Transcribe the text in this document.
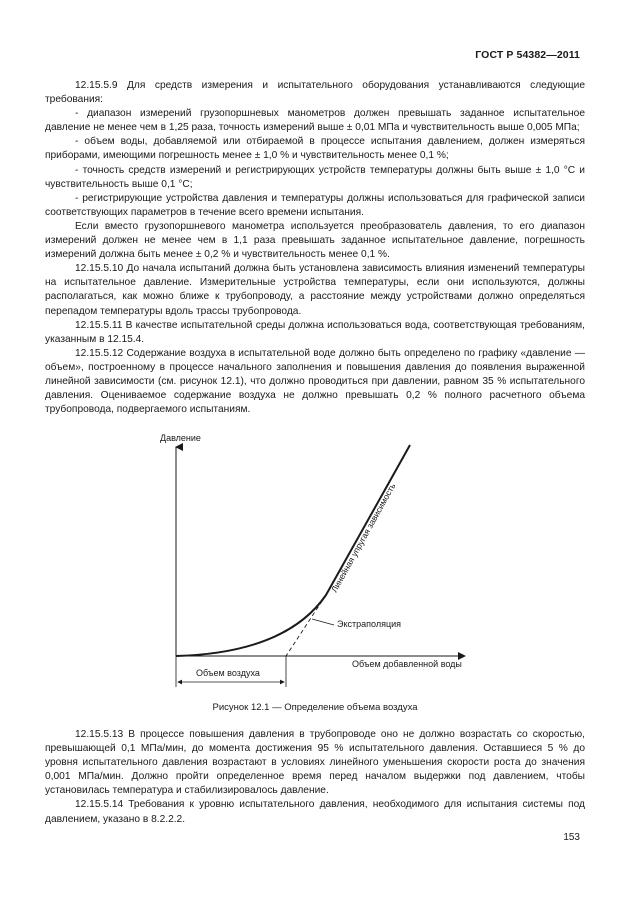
ГОСТ Р 54382—2011

12.15.5.9 Для средств измерения и испытательного оборудования устанавливаются следующие требования:

- диапазон измерений грузопоршневых манометров должен превышать заданное испытательное давление не менее чем в 1,25 раза, точность измерений выше ± 0,01 МПа и чувствительность выше 0,005 МПа;

- объем воды, добавляемой или отбираемой в процессе испытания давлением, должен измеряться приборами, имеющими погрешность менее ± 1,0 % и чувствительность менее 0,1 %;

- точность средств измерений и регистрирующих устройств температуры должны быть выше ± 1,0 °C и чувствительность выше 0,1 °C;

- регистрирующие устройства давления и температуры должны использоваться для графической записи соответствующих параметров в течение всего времени испытания.

Если вместо грузопоршневого манометра используется преобразователь давления, то его диапазон измерений должен не менее чем в 1,1 раза превышать заданное испытательное давление, погрешность измерений должна быть менее ± 0,2 % и чувствительность менее 0,1 %.

12.15.5.10 До начала испытаний должна быть установлена зависимость влияния изменений температуры на испытательное давление. Измерительные устройства температуры, если они используются, должны располагаться, как можно ближе к трубопроводу, а расстояние между устройствами должно определяться перепадом температуры вдоль трассы трубопровода.

12.15.5.11 В качестве испытательной среды должна использоваться вода, соответствующая требованиям, указанным в 12.15.4.

12.15.5.12 Содержание воздуха в испытательной воде должно быть определено по графику «давление — объем», построенному в процессе начального заполнения и повышения давления до появления выраженной линейной зависимости (см. рисунок 12.1), что должно проводиться при давлении, равном 35 % испытательного давления. Оцениваемое содержание воздуха не должно превышать 0,2 % полного расчетного объема трубопровода, подвергаемого испытаниям.

Линейная упругая зависимость
Давление
Объем добавленной воды
Экстраполяция
Объем воздуха
Рисунок 12.1 — Определение объема воздуха

12.15.5.13 В процессе повышения давления в трубопроводе оно не должно возрастать со скоростью, превышающей 0,1 МПа/мин, до момента достижения 95 % испытательного давления. Оставшиеся 5 % до уровня испытательного давления возрастают в условиях линейного уменьшения скорости роста до значения 0,001 МПа/мин. Должно пройти определенное время перед началом выдержки под давлением, чтобы установилась температура и стабилизировалось давление.

12.15.5.14 Требования к уровню испытательного давления, необходимого для испытания системы под давлением, указано в 8.2.2.2.

153
